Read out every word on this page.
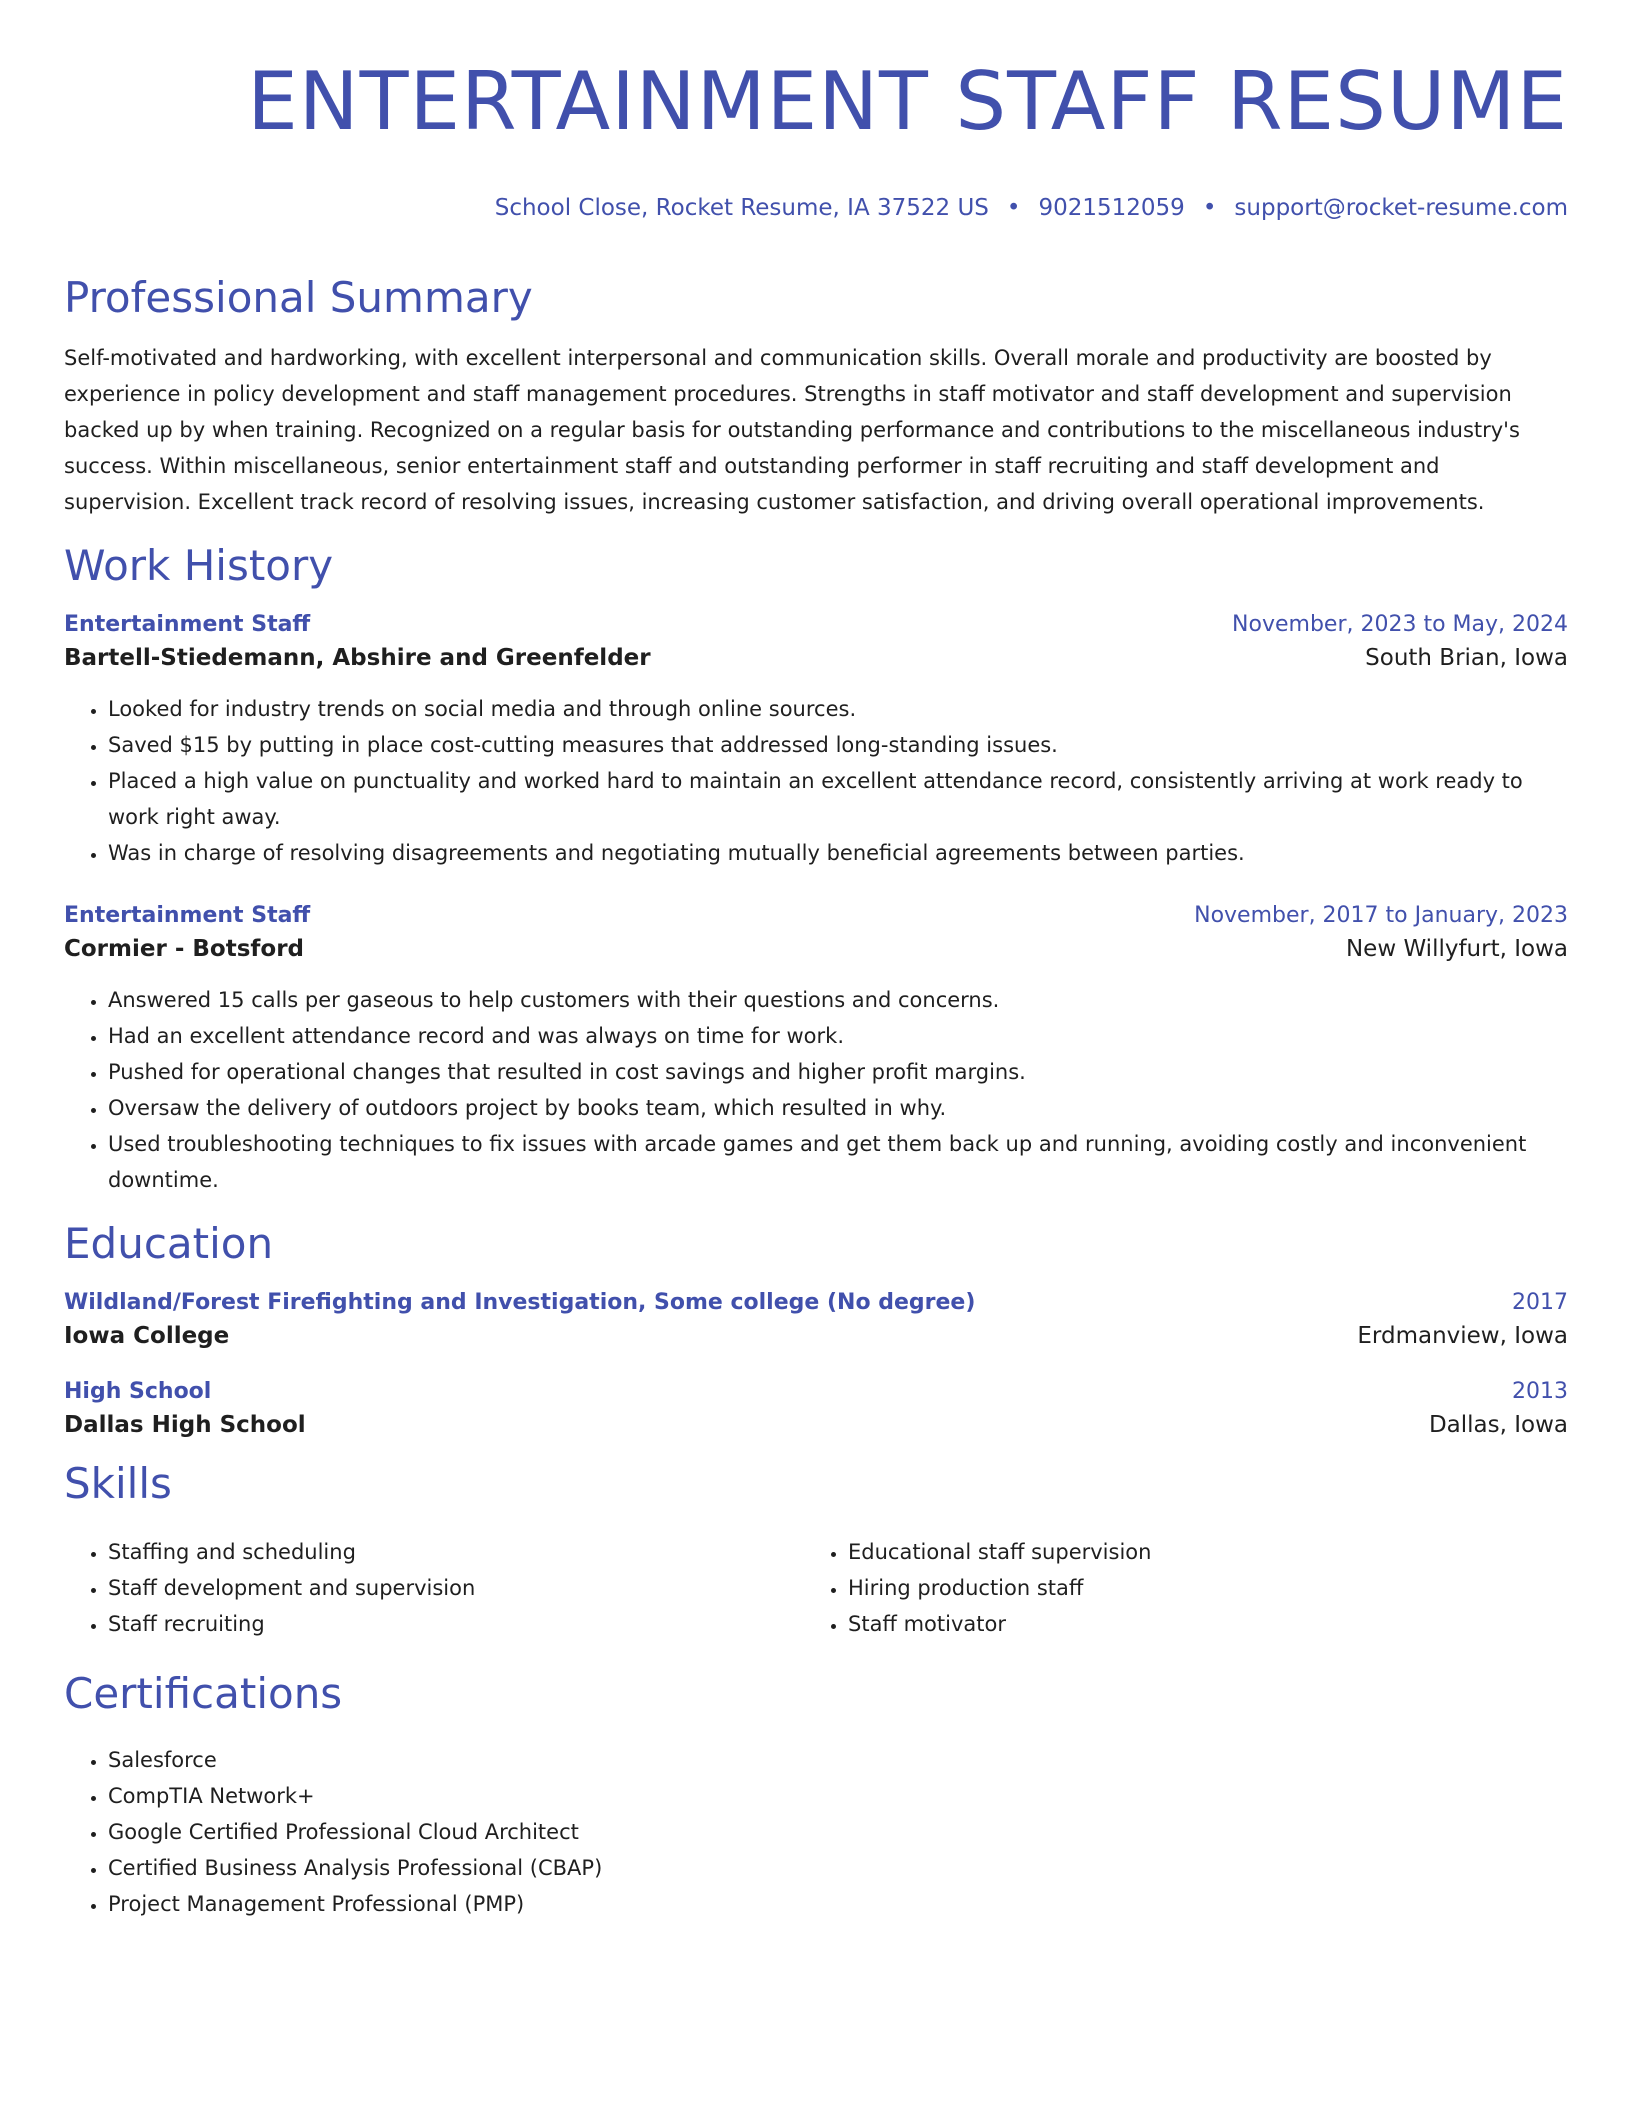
ENTERTAINMENT STAFF RESUME
School Close, Rocket Resume, IA 37522 US • 9021512059 • support@rocket-resume.com
Professional Summary

Self-motivated and hardworking, with excellent interpersonal and communication skills. Overall morale and productivity are boosted by experience in policy development and staff management procedures. Strengths in staff motivator and staff development and supervision backed up by when training. Recognized on a regular basis for outstanding performance and contributions to the miscellaneous industry's success. Within miscellaneous, senior entertainment staff and outstanding performer in staff recruiting and staff development and supervision. Excellent track record of resolving issues, increasing customer satisfaction, and driving overall operational improvements.

Work History
Entertainment Staff	November, 2023 to May, 2024
Bartell-Stiedemann, Abshire and Greenfelder	South Brian, Iowa
• Looked for industry trends on social media and through online sources.
• Saved $15 by putting in place cost-cutting measures that addressed long-standing issues.
• Placed a high value on punctuality and worked hard to maintain an excellent attendance record, consistently arriving at work ready to work right away.
• Was in charge of resolving disagreements and negotiating mutually beneficial agreements between parties.
Entertainment Staff	November, 2017 to January, 2023
Cormier - Botsford	New Willyfurt, Iowa
• Answered 15 calls per gaseous to help customers with their questions and concerns.
• Had an excellent attendance record and was always on time for work.
• Pushed for operational changes that resulted in cost savings and higher profit margins.
• Oversaw the delivery of outdoors project by books team, which resulted in why.
• Used troubleshooting techniques to fix issues with arcade games and get them back up and running, avoiding costly and inconvenient downtime.
Education
Wildland/Forest Firefighting and Investigation, Some college (No degree)	2017
Iowa College	Erdmanview, Iowa
High School	2013
Dallas High School	Dallas, Iowa
Skills
• Staffing and scheduling
• Staff development and supervision
• Staff recruiting
• Educational staff supervision
• Hiring production staff
• Staff motivator
Certifications
• Salesforce
• CompTIA Network+
• Google Certified Professional Cloud Architect
• Certified Business Analysis Professional (CBAP)
• Project Management Professional (PMP)
